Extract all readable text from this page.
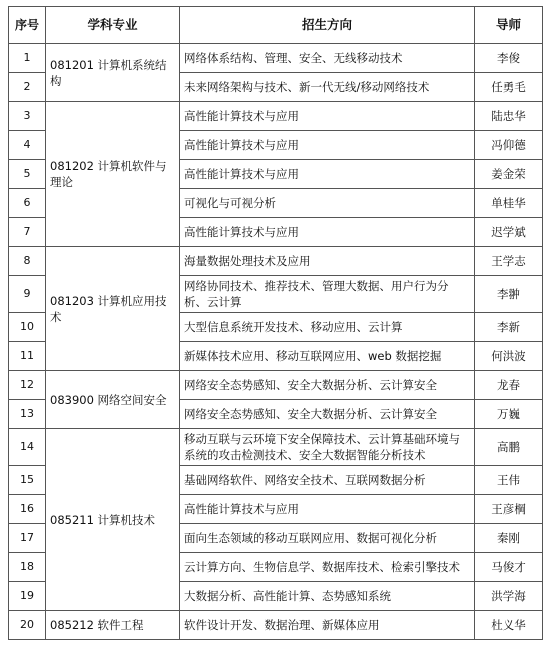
序号	学科专业	招生方向	导师
1	081201 计算机系统结构	网络体系结构、管理、安全、无线移动技术	李俊
2		未来网络架构与技术、新一代无线/移动网络技术	任勇毛
3	081202 计算机软件与理论	高性能计算技术与应用	陆忠华
4		高性能计算技术与应用	冯仰德
5		高性能计算技术与应用	姜金荣
6		可视化与可视分析	单桂华
7		高性能计算技术与应用	迟学斌
8	081203 计算机应用技术	海量数据处理技术及应用	王学志
9		网络协同技术、推荐技术、管理大数据、用户行为分析、云计算	李翀
10		大型信息系统开发技术、移动应用、云计算	李新
11		新媒体技术应用、移动互联网应用、web 数据挖掘	何洪波
12	083900 网络空间安全	网络安全态势感知、安全大数据分析、云计算安全	龙春
13		网络安全态势感知、安全大数据分析、云计算安全	万巍
14	085211 计算机技术	移动互联与云环境下安全保障技术、云计算基础环境与系统的攻击检测技术、安全大数据智能分析技术	高鹏
15		基础网络软件、网络安全技术、互联网数据分析	王伟
16		高性能计算技术与应用	王彦棡
17		面向生态领域的移动互联网应用、数据可视化分析	秦刚
18		云计算方向、生物信息学、数据库技术、检索引擎技术	马俊才
19		大数据分析、高性能计算、态势感知系统	洪学海
20	085212 软件工程	软件设计开发、数据治理、新媒体应用	杜义华
